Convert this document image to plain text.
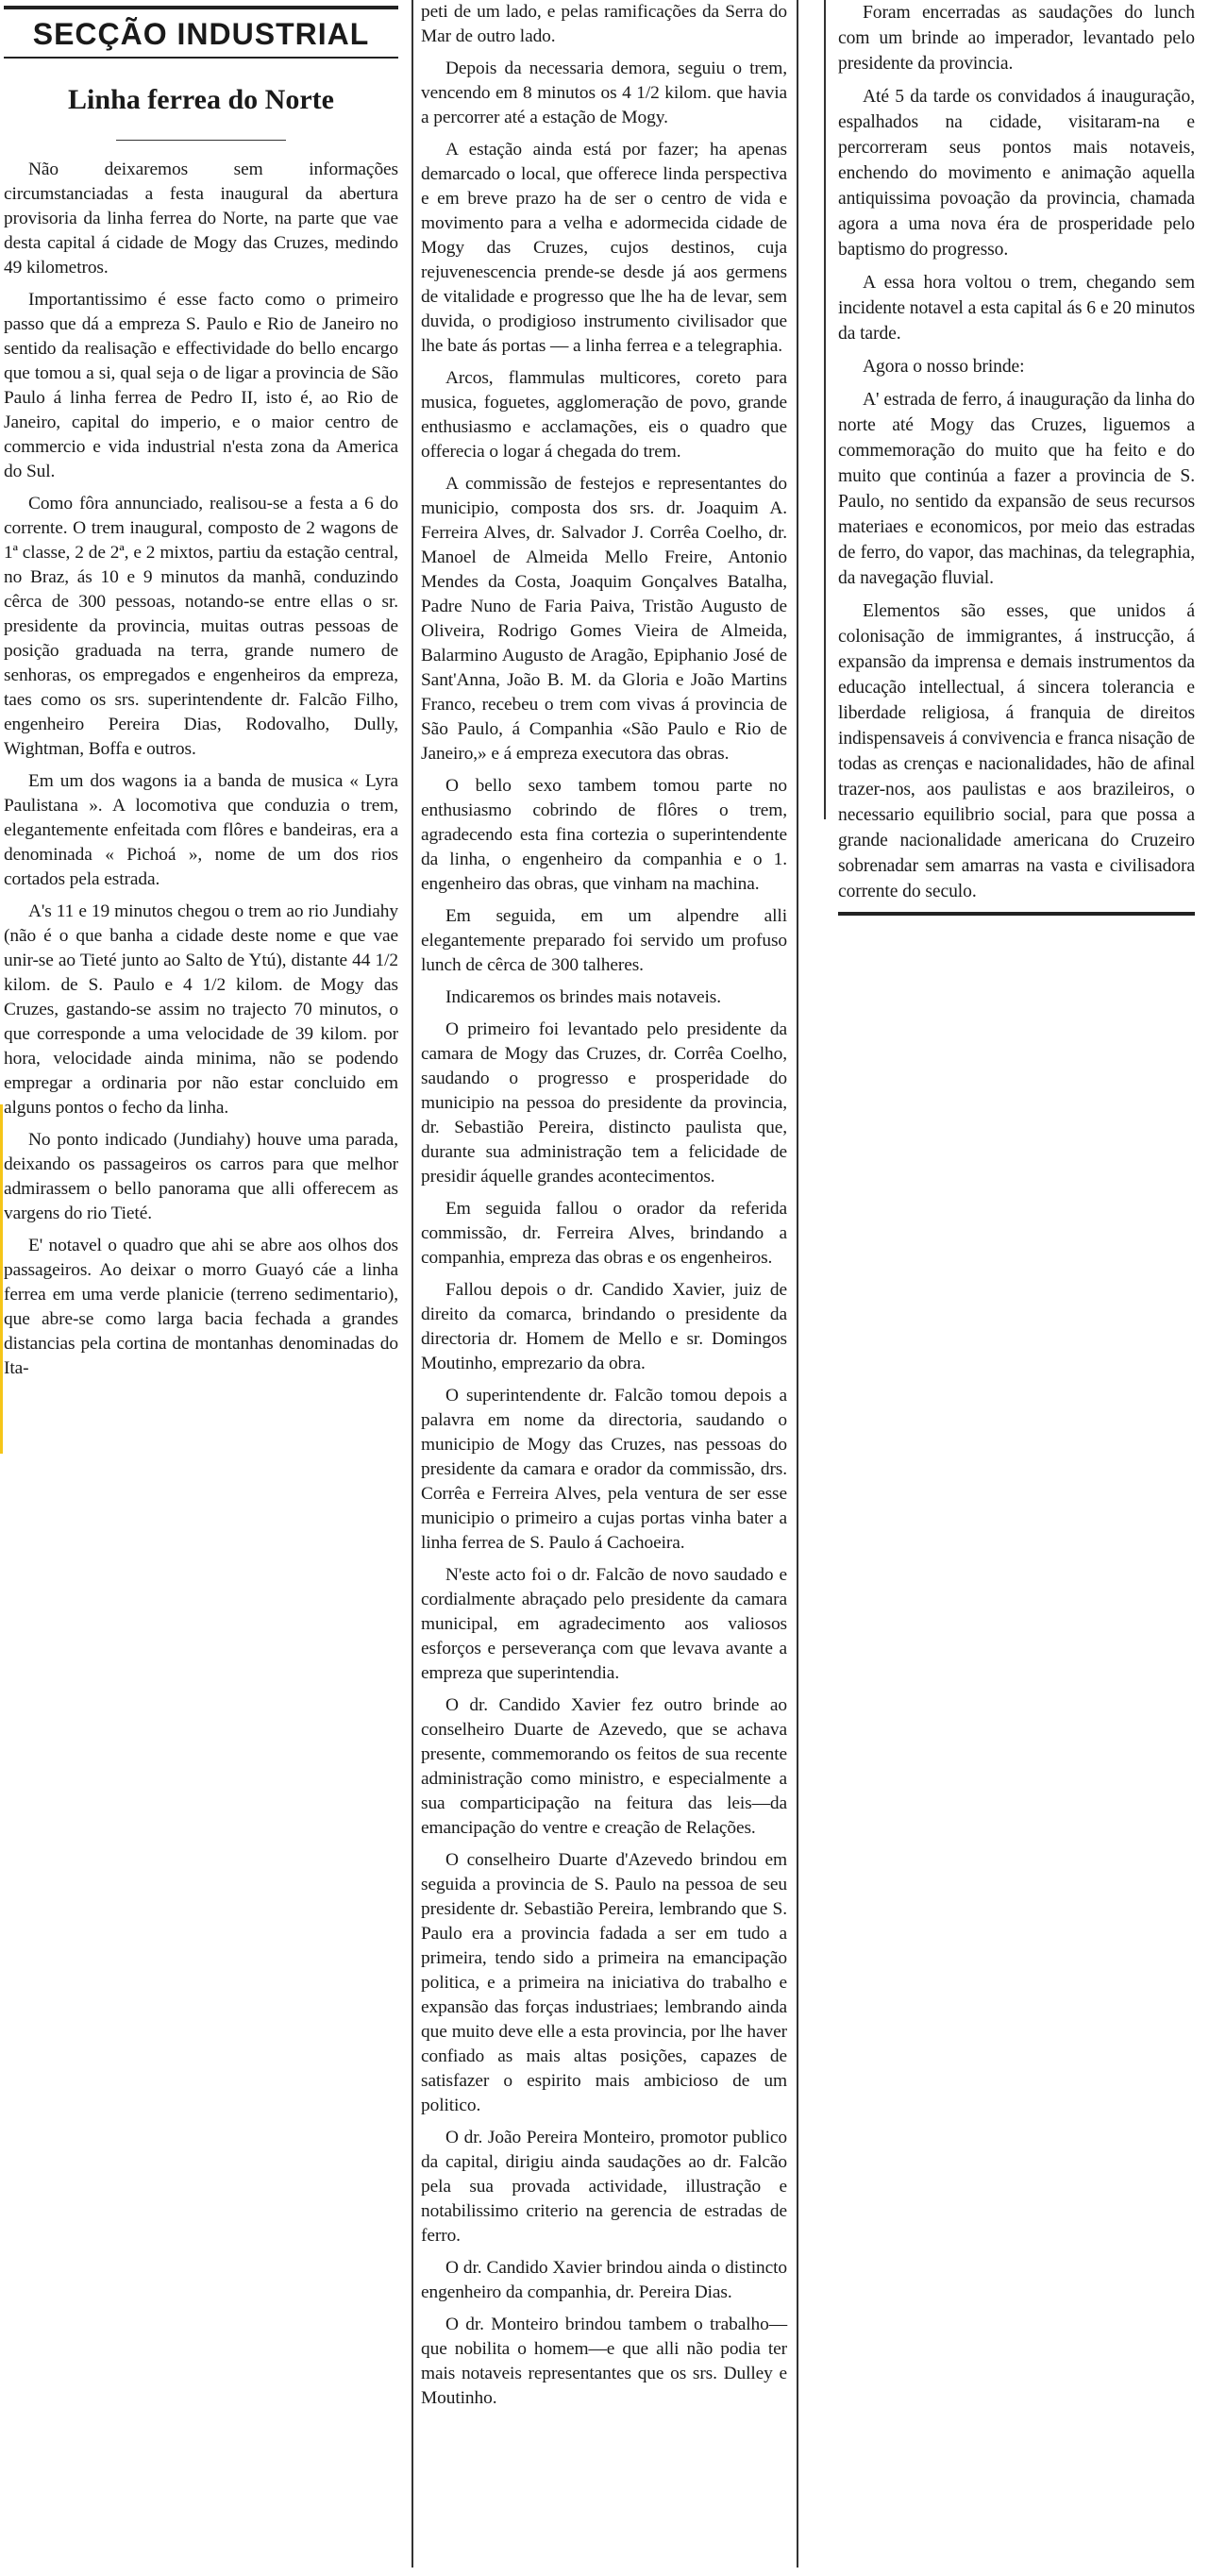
SECÇÃO INDUSTRIAL
Linha ferrea do Norte

Não deixaremos sem informações circumstanciadas a festa inaugural da abertura provisoria da linha ferrea do Norte, na parte que vae desta capital á cidade de Mogy das Cruzes, medindo 49 kilometros.

Importantissimo é esse facto como o primeiro passo que dá a empreza S. Paulo e Rio de Janeiro no sentido da realisação e effectividade do bello encargo que tomou a si, qual seja o de ligar a provincia de São Paulo á linha ferrea de Pedro II, isto é, ao Rio de Janeiro, capital do imperio, e o maior centro de commercio e vida industrial n'esta zona da America do Sul.

Como fôra annunciado, realisou-se a festa a 6 do corrente. O trem inaugural, composto de 2 wagons de 1ª classe, 2 de 2ª, e 2 mixtos, partiu da estação central, no Braz, ás 10 e 9 minutos da manhã, conduzindo cêrca de 300 pessoas, notando-se entre ellas o sr. presidente da provincia, muitas outras pessoas de posição graduada na terra, grande numero de senhoras, os empregados e engenheiros da empreza, taes como os srs. superintendente dr. Falcão Filho, engenheiro Pereira Dias, Rodovalho, Dully, Wightman, Boffa e outros.

Em um dos wagons ia a banda de musica « Lyra Paulistana ». A locomotiva que conduzia o trem, elegantemente enfeitada com flôres e bandeiras, era a denominada « Pichoá », nome de um dos rios cortados pela estrada.

A's 11 e 19 minutos chegou o trem ao rio Jundiahy (não é o que banha a cidade deste nome e que vae unir-se ao Tieté junto ao Salto de Ytú), distante 44 1/2 kilom. de S. Paulo e 4 1/2 kilom. de Mogy das Cruzes, gastando-se assim no trajecto 70 minutos, o que corresponde a uma velocidade de 39 kilom. por hora, velocidade ainda minima, não se podendo empregar a ordinaria por não estar concluido em alguns pontos o fecho da linha.

No ponto indicado (Jundiahy) houve uma parada, deixando os passageiros os carros para que melhor admirassem o bello panorama que alli offerecem as vargens do rio Tieté.

E' notavel o quadro que ahi se abre aos olhos dos passageiros. Ao deixar o morro Guayó cáe a linha ferrea em uma verde planicie (terreno sedimentario), que abre-se como larga bacia fechada a grandes distancias pela cortina de montanhas denominadas do Ita-

peti de um lado, e pelas ramificações da Serra do Mar de outro lado.

Depois da necessaria demora, seguiu o trem, vencendo em 8 minutos os 4 1/2 kilom. que havia a percorrer até a estação de Mogy.

A estação ainda está por fazer; ha apenas demarcado o local, que offerece linda perspectiva e em breve prazo ha de ser o centro de vida e movimento para a velha e adormecida cidade de Mogy das Cruzes, cujos destinos, cuja rejuvenescencia prende-se desde já aos germens de vitalidade e progresso que lhe ha de levar, sem duvida, o prodigioso instrumento civilisador que lhe bate ás portas — a linha ferrea e a telegraphia.

Arcos, flammulas multicores, coreto para musica, foguetes, agglomeração de povo, grande enthusiasmo e acclamações, eis o quadro que offerecia o logar á chegada do trem.

A commissão de festejos e representantes do municipio, composta dos srs. dr. Joaquim A. Ferreira Alves, dr. Salvador J. Corrêa Coelho, dr. Manoel de Almeida Mello Freire, Antonio Mendes da Costa, Joaquim Gonçalves Batalha, Padre Nuno de Faria Paiva, Tristão Augusto de Oliveira, Rodrigo Gomes Vieira de Almeida, Balarmino Augusto de Aragão, Epiphanio José de Sant'Anna, João B. M. da Gloria e João Martins Franco, recebeu o trem com vivas á provincia de São Paulo, á Companhia «São Paulo e Rio de Janeiro,» e á empreza executora das obras.

O bello sexo tambem tomou parte no enthusiasmo cobrindo de flôres o trem, agradecendo esta fina cortezia o superintendente da linha, o engenheiro da companhia e o 1. engenheiro das obras, que vinham na machina.

Em seguida, em um alpendre alli elegantemente preparado foi servido um profuso lunch de cêrca de 300 talheres.

Indicaremos os brindes mais notaveis.

O primeiro foi levantado pelo presidente da camara de Mogy das Cruzes, dr. Corrêa Coelho, saudando o progresso e prosperidade do municipio na pessoa do presidente da provincia, dr. Sebastião Pereira, distincto paulista que, durante sua administração tem a felicidade de presidir áquelle grandes acontecimentos.

Em seguida fallou o orador da referida commissão, dr. Ferreira Alves, brindando a companhia, empreza das obras e os engenheiros.

Fallou depois o dr. Candido Xavier, juiz de direito da comarca, brindando o presidente da directoria dr. Homem de Mello e sr. Domingos Moutinho, emprezario da obra.

O superintendente dr. Falcão tomou depois a palavra em nome da directoria, saudando o municipio de Mogy das Cruzes, nas pessoas do presidente da camara e orador da commissão, drs. Corrêa e Ferreira Alves, pela ventura de ser esse municipio o primeiro a cujas portas vinha bater a linha ferrea de S. Paulo á Cachoeira.

N'este acto foi o dr. Falcão de novo saudado e cordialmente abraçado pelo presidente da camara municipal, em agradecimento aos valiosos esforços e perseverança com que levava avante a empreza que superintendia.

O dr. Candido Xavier fez outro brinde ao conselheiro Duarte de Azevedo, que se achava presente, commemorando os feitos de sua recente administração como ministro, e especialmente a sua comparticipação na feitura das leis—da emancipação do ventre e creação de Relações.

O conselheiro Duarte d'Azevedo brindou em seguida a provincia de S. Paulo na pessoa de seu presidente dr. Sebastião Pereira, lembrando que S. Paulo era a provincia fadada a ser em tudo a primeira, tendo sido a primeira na emancipação politica, e a primeira na iniciativa do trabalho e expansão das forças industriaes; lembrando ainda que muito deve elle a esta provincia, por lhe haver confiado as mais altas posições, capazes de satisfazer o espirito mais ambicioso de um politico.

O dr. João Pereira Monteiro, promotor publico da capital, dirigiu ainda saudações ao dr. Falcão pela sua provada actividade, illustração e notabilissimo criterio na gerencia de estradas de ferro.

O dr. Candido Xavier brindou ainda o distincto engenheiro da companhia, dr. Pereira Dias.

O dr. Monteiro brindou tambem o trabalho—que nobilita o homem—e que alli não podia ter mais notaveis representantes que os srs. Dulley e Moutinho.

Foram encerradas as saudações do lunch com um brinde ao imperador, levantado pelo presidente da provincia.

Até 5 da tarde os convidados á inauguração, espalhados na cidade, visitaram-na e percorreram seus pontos mais notaveis, enchendo do movimento e animação aquella antiquissima povoação da provincia, chamada agora a uma nova éra de prosperidade pelo baptismo do progresso.

A essa hora voltou o trem, chegando sem incidente notavel a esta capital ás 6 e 20 minutos da tarde.

Agora o nosso brinde:

A' estrada de ferro, á inauguração da linha do norte até Mogy das Cruzes, liguemos a commemoração do muito que ha feito e do muito que continúa a fazer a provincia de S. Paulo, no sentido da expansão de seus recursos materiaes e economicos, por meio das estradas de ferro, do vapor, das machinas, da telegraphia, da navegação fluvial.

Elementos são esses, que unidos á colonisação de immigrantes, á instrucção, á expansão da imprensa e demais instrumentos da educação intellectual, á sincera tolerancia e liberdade religiosa, á franquia de direitos indispensaveis á convivencia e franca nisação de todas as crenças e nacionalidades, hão de afinal trazer-nos, aos paulistas e aos brazileiros, o necessario equilibrio social, para que possa a grande nacionalidade americana do Cruzeiro sobrenadar sem amarras na vasta e civilisadora corrente do seculo.
